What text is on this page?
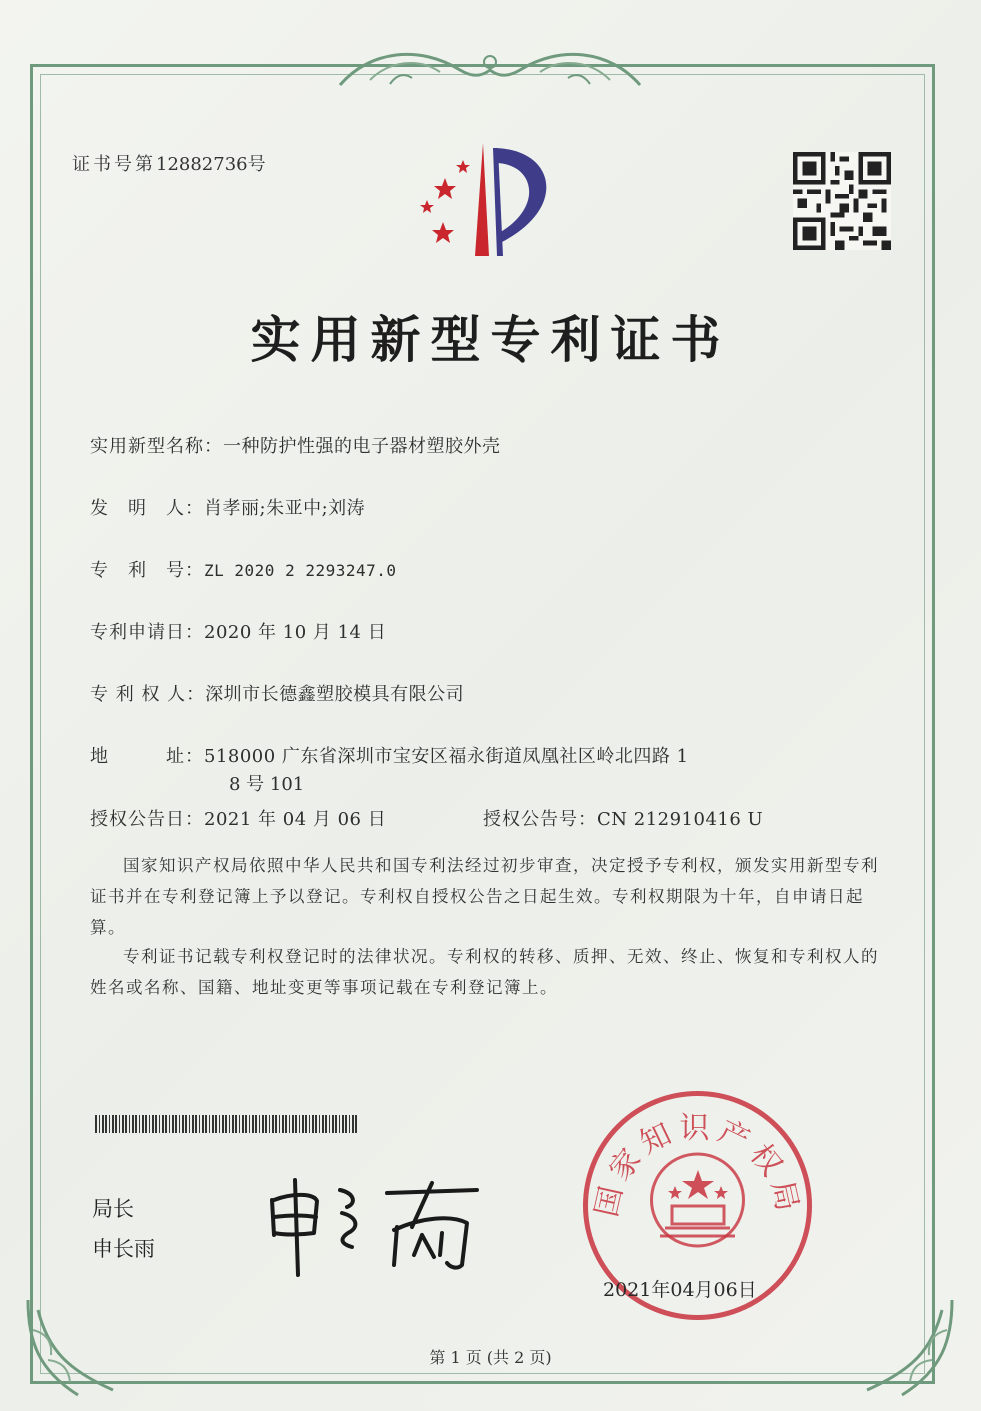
证书号第12882736号
实用新型专利证书
实用新型名称：一种防护性强的电子器材塑胶外壳
发　明　人：肖孝丽;朱亚中;刘涛
专　利　号：ZL 2020 2 2293247.0
专利申请日：2020 年 10 月 14 日
专 利 权 人：深圳市长德鑫塑胶模具有限公司
地　　　址：518000 广东省深圳市宝安区福永街道凤凰社区岭北四路 1
8 号 101
授权公告日：2021 年 04 月 06 日	授权公告号：CN 212910416 U
国家知识产权局依照中华人民共和国专利法经过初步审查，决定授予专利权，颁发实用新型专利证书并在专利登记簿上予以登记。专利权自授权公告之日起生效。专利权期限为十年，自申请日起算。
专利证书记载专利权登记时的法律状况。专利权的转移、质押、无效、终止、恢复和专利权人的姓名或名称、国籍、地址变更等事项记载在专利登记簿上。
局长
申长雨
国家知识产权局
2021年04月06日
第 1 页 (共 2 页)
